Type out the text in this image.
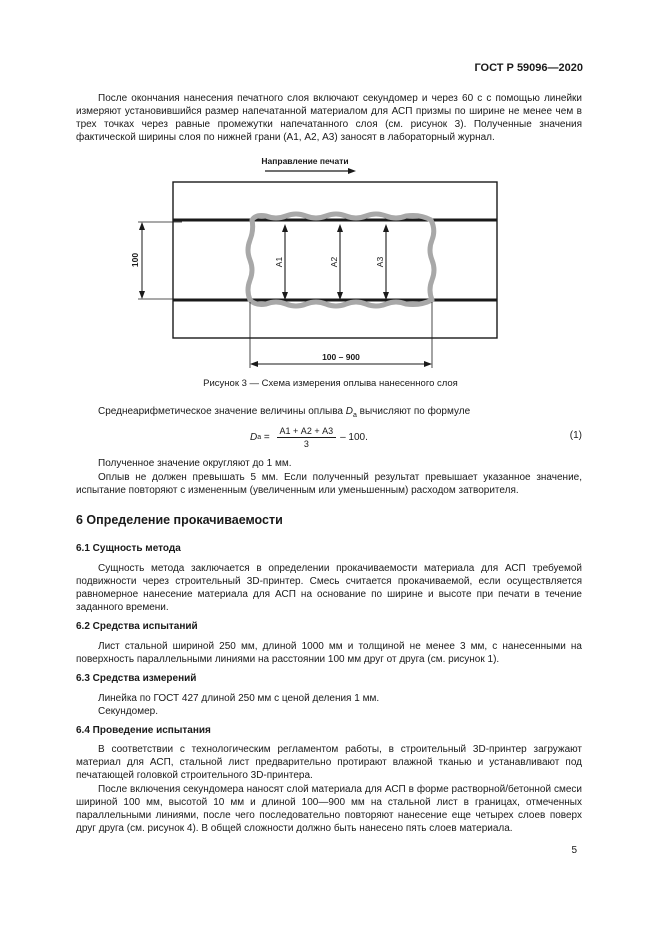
ГОСТ Р 59096—2020
После окончания нанесения печатного слоя включают секундомер и через 60 с с помощью линейки измеряют установившийся размер напечатанной материалом для АСП призмы по ширине не менее чем в трех точках через равные промежутки напечатанного слоя (см. рисунок 3). Полученные значения фактической ширины слоя по нижней грани (А1, А2, А3) заносят в лабораторный журнал.
Направление печати
А1	А2	А3
100
100 – 900
Рисунок 3 — Схема измерения оплыва нанесенного слоя
Среднеарифметическое значение величины оплыва $D_а$ вычисляют по формуле
D $a = \frac{А1 + А2 + А3}{3} - 100$.	(1)
Полученное значение округляют до 1 мм.
Оплыв не должен превышать 5 мм. Если полученный результат превышает указанное значение, испытание повторяют с измененным (увеличенным или уменьшенным) расходом затворителя.
6 Определение прокачиваемости
6.1 Сущность метода
Сущность метода заключается в определении прокачиваемости материала для АСП требуемой подвижности через строительный 3D-принтер. Смесь считается прокачиваемой, если осуществляется равномерное нанесение материала для АСП на основание по ширине и высоте при печати в течение заданного времени.
6.2 Средства испытаний
Лист стальной шириной 250 мм, длиной 1000 мм и толщиной не менее 3 мм, с нанесенными на поверхность параллельными линиями на расстоянии 100 мм друг от друга (см. рисунок 1).
6.3 Средства измерений
Линейка по ГОСТ 427 длиной 250 мм с ценой деления 1 мм.
Секундомер.
6.4 Проведение испытания
В соответствии с технологическим регламентом работы, в строительный 3D-принтер загружают материал для АСП, стальной лист предварительно протирают влажной тканью и устанавливают под печатающей головкой строительного 3D-принтера.
После включения секундомера наносят слой материала для АСП в форме растворной/бетонной смеси шириной 100 мм, высотой 10 мм и длиной 100—900 мм на стальной лист в границах, отмеченных параллельными линиями, после чего последовательно повторяют нанесение еще четырех слоев поверх друг друга (см. рисунок 4). В общей сложности должно быть нанесено пять слоев материала.
5
